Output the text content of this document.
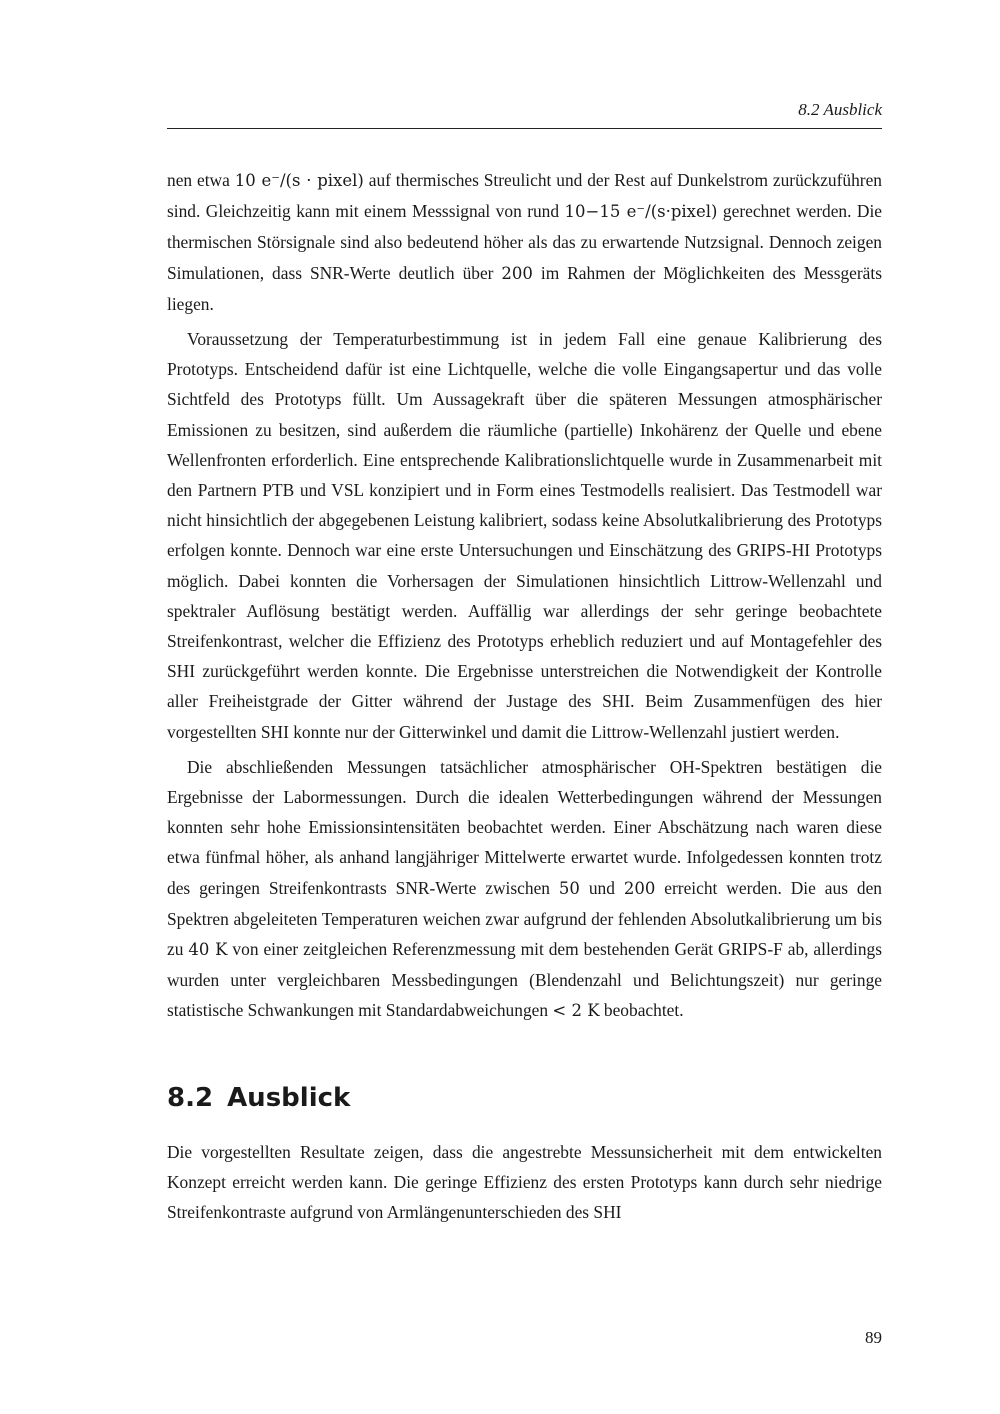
8.2 Ausblick

nen etwa 10 e⁻/(s · pixel) auf thermisches Streulicht und der Rest auf Dunkelstrom zurückzuführen sind. Gleichzeitig kann mit einem Messsignal von rund 10−15 e⁻/(s·pixel) gerechnet werden. Die thermischen Störsignale sind also bedeutend höher als das zu erwartende Nutzsignal. Dennoch zeigen Simulationen, dass SNR-Werte deutlich über 200 im Rahmen der Möglichkeiten des Messgeräts liegen.

Voraussetzung der Temperaturbestimmung ist in jedem Fall eine genaue Kalibrierung des Prototyps. Entscheidend dafür ist eine Lichtquelle, welche die volle Eingangsapertur und das volle Sichtfeld des Prototyps füllt. Um Aussagekraft über die späteren Messungen atmosphärischer Emissionen zu besitzen, sind außerdem die räumliche (partielle) Inkohärenz der Quelle und ebene Wellenfronten erforderlich. Eine entsprechende Kalibrationslichtquelle wurde in Zusammenarbeit mit den Partnern PTB und VSL konzipiert und in Form eines Testmodells realisiert. Das Testmodell war nicht hinsichtlich der abgegebenen Leistung kalibriert, sodass keine Absolutkalibrierung des Prototyps erfolgen konnte. Dennoch war eine erste Untersuchungen und Einschätzung des GRIPS-HI Prototyps möglich. Dabei konnten die Vorhersagen der Simulationen hinsichtlich Littrow-Wellenzahl und spektraler Auflösung bestätigt werden. Auffällig war allerdings der sehr geringe beobachtete Streifenkontrast, welcher die Effizienz des Prototyps erheblich reduziert und auf Montagefehler des SHI zurückgeführt werden konnte. Die Ergebnisse unterstreichen die Notwendigkeit der Kontrolle aller Freiheistgrade der Gitter während der Justage des SHI. Beim Zusammenfügen des hier vorgestellten SHI konnte nur der Gitterwinkel und damit die Littrow-Wellenzahl justiert werden.

Die abschließenden Messungen tatsächlicher atmosphärischer OH-Spektren bestätigen die Ergebnisse der Labormessungen. Durch die idealen Wetterbedingungen während der Messungen konnten sehr hohe Emissionsintensitäten beobachtet werden. Einer Abschätzung nach waren diese etwa fünfmal höher, als anhand langjähriger Mittelwerte erwartet wurde. Infolgedessen konnten trotz des geringen Streifenkontrasts SNR-Werte zwischen 50 und 200 erreicht werden. Die aus den Spektren abgeleiteten Temperaturen weichen zwar aufgrund der fehlenden Absolutkalibrierung um bis zu 40 K von einer zeitgleichen Referenzmessung mit dem bestehenden Gerät GRIPS-F ab, allerdings wurden unter vergleichbaren Messbedingungen (Blendenzahl und Belichtungszeit) nur geringe statistische Schwankungen mit Standardabweichungen < 2 K beobachtet.

8.2 Ausblick

Die vorgestellten Resultate zeigen, dass die angestrebte Messunsicherheit mit dem entwickelten Konzept erreicht werden kann. Die geringe Effizienz des ersten Prototyps kann durch sehr niedrige Streifenkontraste aufgrund von Armlängenunterschieden des SHI

89
